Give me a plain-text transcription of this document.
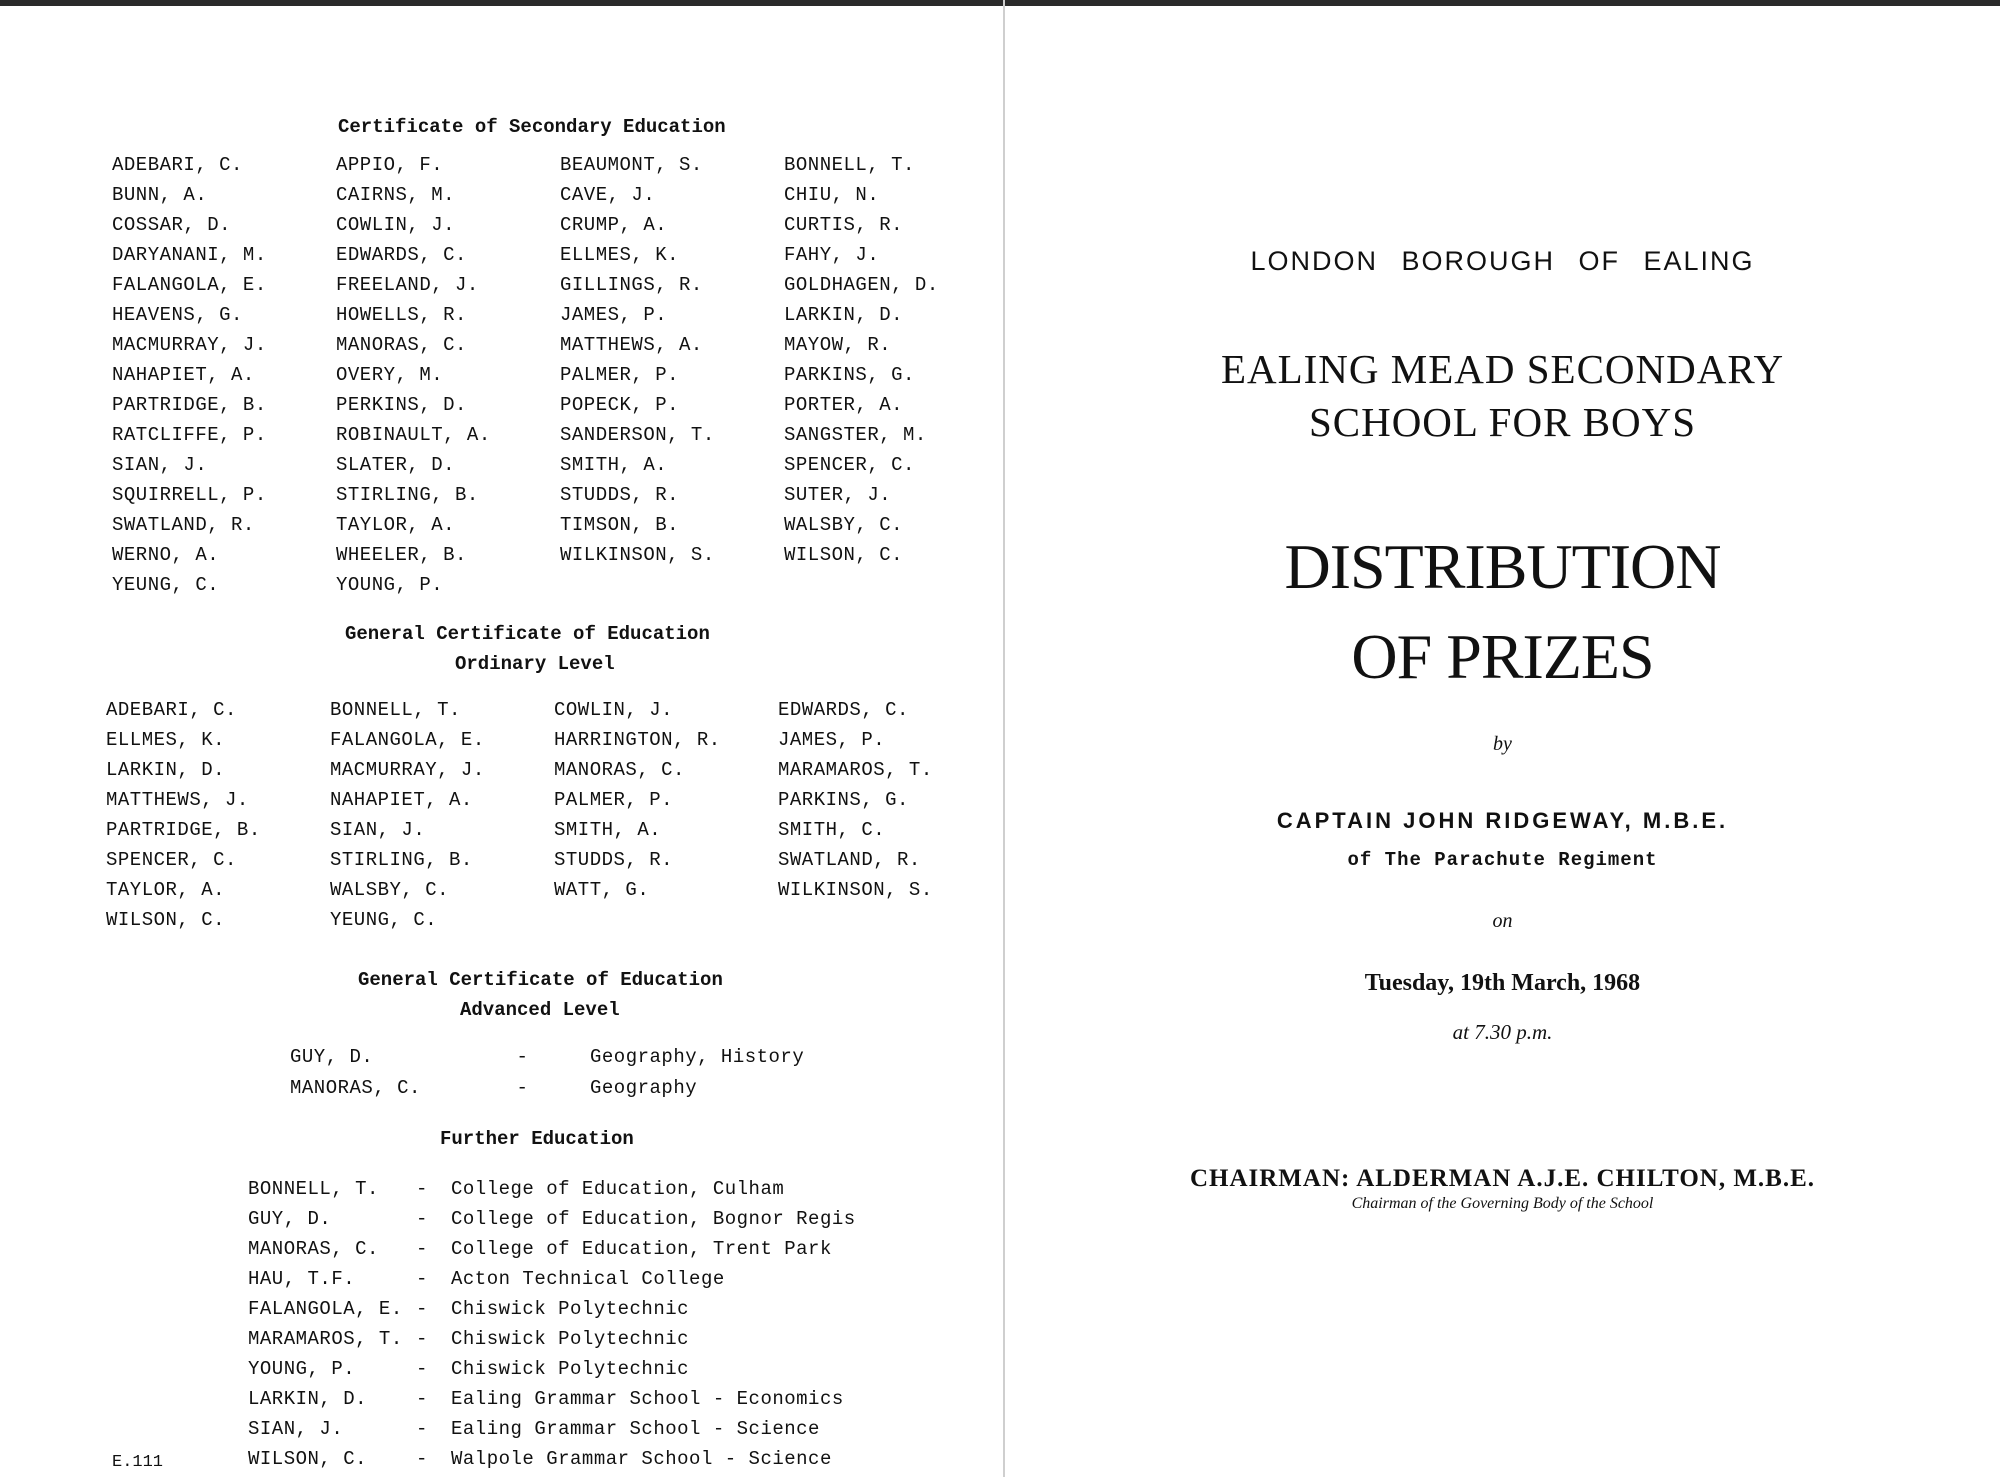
Certificate of Secondary Education
ADEBARI, C.	APPIO, F.	BEAUMONT, S.	BONNELL, T.
BUNN, A.	CAIRNS, M.	CAVE, J.	CHIU, N.
COSSAR, D.	COWLIN, J.	CRUMP, A.	CURTIS, R.
DARYANANI, M.	EDWARDS, C.	ELLMES, K.	FAHY, J.
FALANGOLA, E.	FREELAND, J.	GILLINGS, R.	GOLDHAGEN, D.
HEAVENS, G.	HOWELLS, R.	JAMES, P.	LARKIN, D.
MACMURRAY, J.	MANORAS, C.	MATTHEWS, A.	MAYOW, R.
NAHAPIET, A.	OVERY, M.	PALMER, P.	PARKINS, G.
PARTRIDGE, B.	PERKINS, D.	POPECK, P.	PORTER, A.
RATCLIFFE, P.	ROBINAULT, A.	SANDERSON, T.	SANGSTER, M.
SIAN, J.	SLATER, D.	SMITH, A.	SPENCER, C.
SQUIRRELL, P.	STIRLING, B.	STUDDS, R.	SUTER, J.
SWATLAND, R.	TAYLOR, A.	TIMSON, B.	WALSBY, C.
WERNO, A.	WHEELER, B.	WILKINSON, S.	WILSON, C.
YEUNG, C.	YOUNG, P.
General Certificate of Education
Ordinary Level
ADEBARI, C.	BONNELL, T.	COWLIN, J.	EDWARDS, C.
ELLMES, K.	FALANGOLA, E.	HARRINGTON, R.	JAMES, P.
LARKIN, D.	MACMURRAY, J.	MANORAS, C.	MARAMAROS, T.
MATTHEWS, J.	NAHAPIET, A.	PALMER, P.	PARKINS, G.
PARTRIDGE, B.	SIAN, J.	SMITH, A.	SMITH, C.
SPENCER, C.	STIRLING, B.	STUDDS, R.	SWATLAND, R.
TAYLOR, A.	WALSBY, C.	WATT, G.	WILKINSON, S.
WILSON, C.	YEUNG, C.
General Certificate of Education
Advanced Level
GUY, D.	-	Geography, History
MANORAS, C.	-	Geography
Further Education
BONNELL, T.	-	College of Education, Culham
GUY, D.	-	College of Education, Bognor Regis
MANORAS, C.	-	College of Education, Trent Park
HAU, T.F.	-	Acton Technical College
FALANGOLA, E. -	Chiswick Polytechnic
MARAMAROS, T. -	Chiswick Polytechnic
YOUNG, P.	-	Chiswick Polytechnic
LARKIN, D.	-	Ealing Grammar School - Economics
SIAN, J.	-	Ealing Grammar School - Science
WILSON, C.	-	Walpole Grammar School - Science
E.111
LONDON BOROUGH OF EALING
EALING MEAD SECONDARY
SCHOOL FOR BOYS
DISTRIBUTION
OF PRIZES
by
CAPTAIN JOHN RIDGEWAY, M.B.E.
of The Parachute Regiment
on
Tuesday, 19th March, 1968
at 7.30 p.m.
CHAIRMAN: ALDERMAN A.J.E. CHILTON, M.B.E.
Chairman of the Governing Body of the School
